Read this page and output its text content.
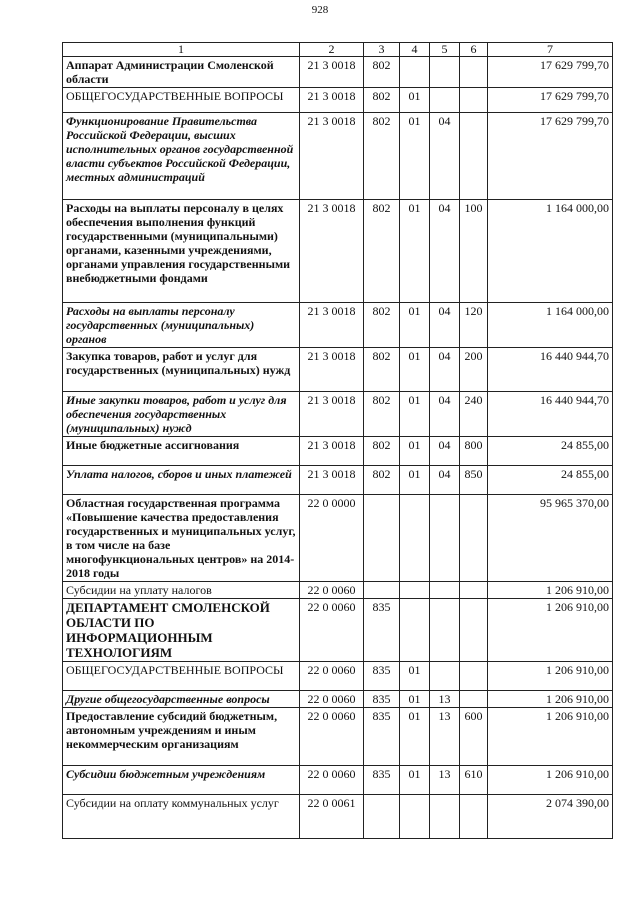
928
1	2	3	4	5	6	7
Аппарат Администрации Смоленской области	21 3 0018	802				17 629 799,70
ОБЩЕГОСУДАРСТВЕННЫЕ ВОПРОСЫ	21 3 0018	802	01			17 629 799,70
Функционирование Правительства Российской Федерации, высших исполнительных органов государственной власти субъектов Российской Федерации, местных администраций	21 3 0018	802	01	04		17 629 799,70
Расходы на выплаты персоналу в целях обеспечения выполнения функций государственными (муниципальными) органами, казенными учреждениями, органами управления государственными внебюджетными фондами	21 3 0018	802	01	04	100	1 164 000,00
Расходы на выплаты персоналу государственных (муниципальных) органов	21 3 0018	802	01	04	120	1 164 000,00
Закупка товаров, работ и услуг для государственных (муниципальных) нужд	21 3 0018	802	01	04	200	16 440 944,70
Иные закупки товаров, работ и услуг для обеспечения государственных (муниципальных) нужд	21 3 0018	802	01	04	240	16 440 944,70
Иные бюджетные ассигнования	21 3 0018	802	01	04	800	24 855,00
Уплата налогов, сборов и иных платежей	21 3 0018	802	01	04	850	24 855,00
Областная государственная программа «Повышение качества предоставления государственных и муниципальных услуг, в том числе на базе многофункциональных центров» на 2014-2018 годы	22 0 0000					95 965 370,00
Субсидии на уплату налогов	22 0 0060					1 206 910,00
ДЕПАРТАМЕНТ СМОЛЕНСКОЙ ОБЛАСТИ ПО ИНФОРМАЦИОННЫМ ТЕХНОЛОГИЯМ	22 0 0060	835				1 206 910,00
ОБЩЕГОСУДАРСТВЕННЫЕ ВОПРОСЫ	22 0 0060	835	01			1 206 910,00
Другие общегосударственные вопросы	22 0 0060	835	01	13		1 206 910,00
Предоставление субсидий бюджетным, автономным учреждениям и иным некоммерческим организациям	22 0 0060	835	01	13	600	1 206 910,00
Субсидии бюджетным учреждениям	22 0 0060	835	01	13	610	1 206 910,00
Субсидии на оплату коммунальных услуг	22 0 0061					2 074 390,00
